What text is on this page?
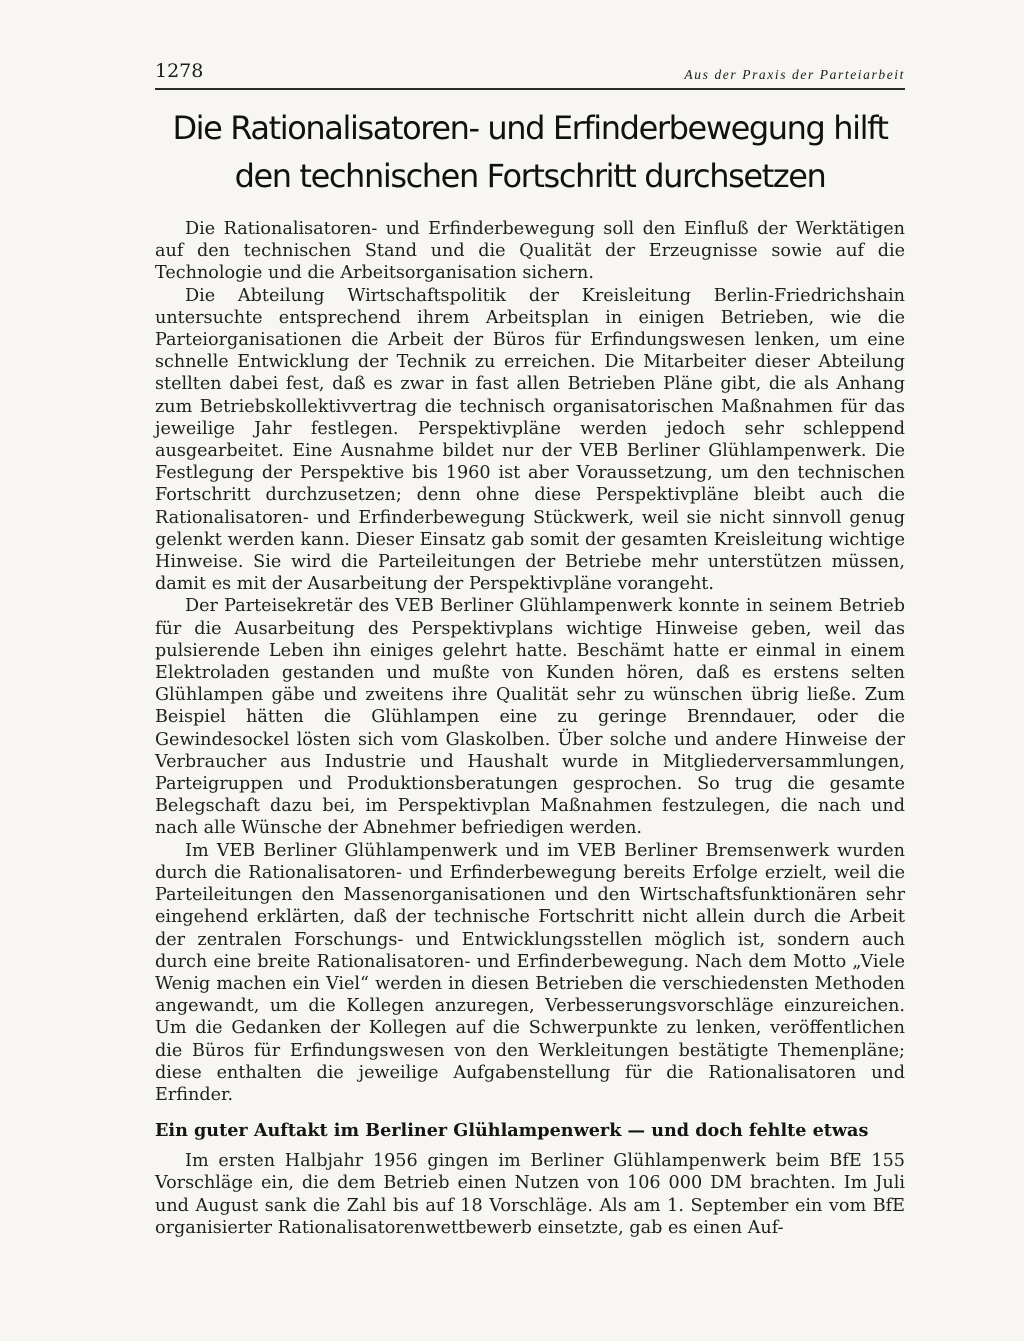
1278	Aus der Praxis der Parteiarbeit
Die Rationalisatoren- und Erfinderbewegung hilft
den technischen Fortschritt durchsetzen

Die Rationalisatoren- und Erfinderbewegung soll den Einfluß der Werktätigen auf den technischen Stand und die Qualität der Erzeugnisse sowie auf die Technologie und die Arbeitsorganisation sichern.

Die Abteilung Wirtschaftspolitik der Kreisleitung Berlin-Friedrichshain untersuchte entsprechend ihrem Arbeitsplan in einigen Betrieben, wie die Parteiorganisationen die Arbeit der Büros für Erfindungswesen lenken, um eine schnelle Entwicklung der Technik zu erreichen. Die Mitarbeiter dieser Abteilung stellten dabei fest, daß es zwar in fast allen Betrieben Pläne gibt, die als Anhang zum Betriebskollektivvertrag die technisch organisatorischen Maßnahmen für das jeweilige Jahr festlegen. Perspektivpläne werden jedoch sehr schleppend ausgearbeitet. Eine Ausnahme bildet nur der VEB Berliner Glühlampenwerk. Die Festlegung der Perspektive bis 1960 ist aber Voraussetzung, um den technischen Fortschritt durchzusetzen; denn ohne diese Perspektivpläne bleibt auch die Rationalisatoren- und Erfinderbewegung Stückwerk, weil sie nicht sinnvoll genug gelenkt werden kann. Dieser Einsatz gab somit der gesamten Kreisleitung wichtige Hinweise. Sie wird die Parteileitungen der Betriebe mehr unterstützen müssen, damit es mit der Ausarbeitung der Perspektivpläne vorangeht.

Der Parteisekretär des VEB Berliner Glühlampenwerk konnte in seinem Betrieb für die Ausarbeitung des Perspektivplans wichtige Hinweise geben, weil das pulsierende Leben ihn einiges gelehrt hatte. Beschämt hatte er einmal in einem Elektroladen gestanden und mußte von Kunden hören, daß es erstens selten Glühlampen gäbe und zweitens ihre Qualität sehr zu wünschen übrig ließe. Zum Beispiel hätten die Glühlampen eine zu geringe Brenndauer, oder die Gewindesockel lösten sich vom Glaskolben. Über solche und andere Hinweise der Verbraucher aus Industrie und Haushalt wurde in Mitgliederversammlungen, Parteigruppen und Produktionsberatungen gesprochen. So trug die gesamte Belegschaft dazu bei, im Perspektivplan Maßnahmen festzulegen, die nach und nach alle Wünsche der Abnehmer befriedigen werden.

Im VEB Berliner Glühlampenwerk und im VEB Berliner Bremsenwerk wurden durch die Rationalisatoren- und Erfinderbewegung bereits Erfolge erzielt, weil die Parteileitungen den Massenorganisationen und den Wirtschaftsfunktionären sehr eingehend erklärten, daß der technische Fortschritt nicht allein durch die Arbeit der zentralen Forschungs- und Entwicklungsstellen möglich ist, sondern auch durch eine breite Rationalisatoren- und Erfinderbewegung. Nach dem Motto „Viele Wenig machen ein Viel“ werden in diesen Betrieben die verschiedensten Methoden angewandt, um die Kollegen anzuregen, Verbesserungsvorschläge einzureichen. Um die Gedanken der Kollegen auf die Schwerpunkte zu lenken, veröffentlichen die Büros für Erfindungswesen von den Werkleitungen bestätigte Themenpläne; diese enthalten die jeweilige Aufgabenstellung für die Rationalisatoren und Erfinder.

Ein guter Auftakt im Berliner Glühlampenwerk — und doch fehlte etwas

Im ersten Halbjahr 1956 gingen im Berliner Glühlampenwerk beim BfE 155 Vorschläge ein, die dem Betrieb einen Nutzen von 106 000 DM brachten. Im Juli und August sank die Zahl bis auf 18 Vorschläge. Als am 1. September ein vom BfE organisierter Rationalisatorenwettbewerb einsetzte, gab es einen Auf-
